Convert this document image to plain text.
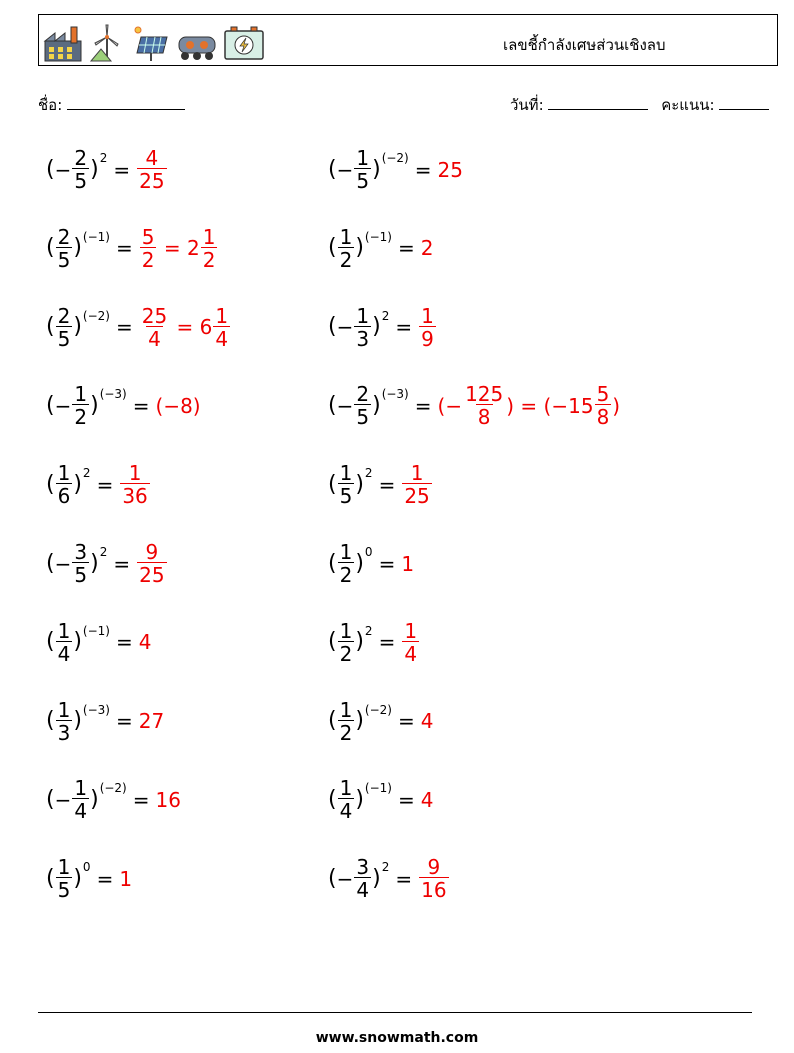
เลขชี้กำลังเศษส่วนเชิงลบ
ชื่อ:	วันที่:	คะแนน:
( − $\frac{2}{5}$ ) $2 = \frac{4}{25}$	( − $\frac{1}{5}$ ) (−2) = 25
( $\frac{2}{5}$ ) $(-1) = \frac{5}{2} = 2 \frac{1}{2}$	( $\frac{1}{2}$ ) (−1) = 2
( $\frac{2}{5}$ ) $(-2) = \frac{25}{4} = 6 \frac{1}{4}$	( − $\frac{1}{3}$ ) $2 = \frac{1}{9}$
( − $\frac{1}{2}$ ) (−3) = (−8)	( − $\frac{2}{5}$ ) (−3) = (− $\frac{125}{8}$ ) = ($-15 \frac{5}{8}$ )
( $\frac{1}{6}$ ) $2 = \frac{1}{36}$	( $\frac{1}{5}$ ) $2 = \frac{1}{25}$
( − $\frac{3}{5}$ ) $2 = \frac{9}{25}$	( $\frac{1}{2}$ ) 0 = 1
( $\frac{1}{4}$ ) (−1) = 4	( $\frac{1}{2}$ ) $2 = \frac{1}{4}$
( $\frac{1}{3}$ ) (−3) = 27	( $\frac{1}{2}$ ) (−2) = 4
( − $\frac{1}{4}$ ) (−2) = 16	( $\frac{1}{4}$ ) (−1) = 4
( $\frac{1}{5}$ ) 0 = 1	( − $\frac{3}{4}$ ) $2 = \frac{9}{16}$
www.snowmath.com
